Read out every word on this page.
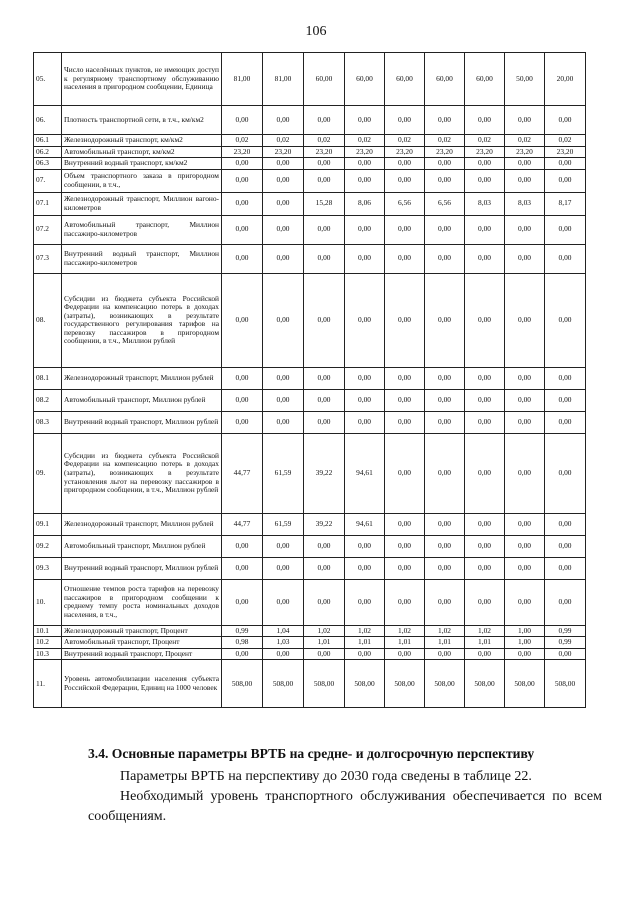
106
05.	Число населённых пунктов, не имеющих доступ к регулярному транспортному обслуживанию населения в пригородном сообщении, Единица	81,00	81,00	60,00	60,00	60,00	60,00	60,00	50,00	20,00
06.	Плотность транспортной сети, в т.ч., км/км2	0,00	0,00	0,00	0,00	0,00	0,00	0,00	0,00	0,00
06.1	Железнодорожный транспорт, км/км2	0,02	0,02	0,02	0,02	0,02	0,02	0,02	0,02	0,02
06.2	Автомобильный транспорт, км/км2	23,20	23,20	23,20	23,20	23,20	23,20	23,20	23,20	23,20
06.3	Внутренний водный транспорт, км/км2	0,00	0,00	0,00	0,00	0,00	0,00	0,00	0,00	0,00
07.	Объем транспортного заказа в пригородном сообщении, в т.ч.,	0,00	0,00	0,00	0,00	0,00	0,00	0,00	0,00	0,00
07.1	Железнодорожный транспорт, Миллион вагоно-километров	0,00	0,00	15,28	8,06	6,56	6,56	8,03	8,03	8,17
07.2	Автомобильный транспорт, Миллион пассажиро-километров	0,00	0,00	0,00	0,00	0,00	0,00	0,00	0,00	0,00
07.3	Внутренний водный транспорт, Миллион пассажиро-километров	0,00	0,00	0,00	0,00	0,00	0,00	0,00	0,00	0,00
08.	Субсидии из бюджета субъекта Российской Федерации на компенсацию потерь в доходах (затраты), возникающих в результате государственного регулирования тарифов на перевозку пассажиров в пригородном сообщении, в т.ч., Миллион рублей	0,00	0,00	0,00	0,00	0,00	0,00	0,00	0,00	0,00
08.1	Железнодорожный транспорт, Миллион рублей	0,00	0,00	0,00	0,00	0,00	0,00	0,00	0,00	0,00
08.2	Автомобильный транспорт, Миллион рублей	0,00	0,00	0,00	0,00	0,00	0,00	0,00	0,00	0,00
08.3	Внутренний водный транспорт, Миллион рублей	0,00	0,00	0,00	0,00	0,00	0,00	0,00	0,00	0,00
09.	Субсидии из бюджета субъекта Российской Федерации на компенсацию потерь в доходах (затраты), возникающих в результате установления льгот на перевозку пассажиров в пригородном сообщении, в т.ч., Миллион рублей	44,77	61,59	39,22	94,61	0,00	0,00	0,00	0,00	0,00
09.1	Железнодорожный транспорт, Миллион рублей	44,77	61,59	39,22	94,61	0,00	0,00	0,00	0,00	0,00
09.2	Автомобильный транспорт, Миллион рублей	0,00	0,00	0,00	0,00	0,00	0,00	0,00	0,00	0,00
09.3	Внутренний водный транспорт, Миллион рублей	0,00	0,00	0,00	0,00	0,00	0,00	0,00	0,00	0,00
10.	Отношение темпов роста тарифов на перевозку пассажиров в пригородном сообщении к среднему темпу роста номинальных доходов населения, в т.ч.,	0,00	0,00	0,00	0,00	0,00	0,00	0,00	0,00	0,00
10.1	Железнодорожный транспорт, Процент	0,99	1,04	1,02	1,02	1,02	1,02	1,02	1,00	0,99
10.2	Автомобильный транспорт, Процент	0,98	1,03	1,01	1,01	1,01	1,01	1,01	1,00	0,99
10.3	Внутренний водный транспорт, Процент	0,00	0,00	0,00	0,00	0,00	0,00	0,00	0,00	0,00
11.	Уровень автомобилизации населения субъекта Российской Федерации, Единиц на 1000 человек	508,00	508,00	508,00	508,00	508,00	508,00	508,00	508,00	508,00
3.4. Основные параметры ВРТБ на средне- и долгосрочную перспективу
Параметры ВРТБ на перспективу до 2030 года сведены в таблице 22.
Необходимый уровень транспортного обслуживания обеспечивается по всем сообщениям.
